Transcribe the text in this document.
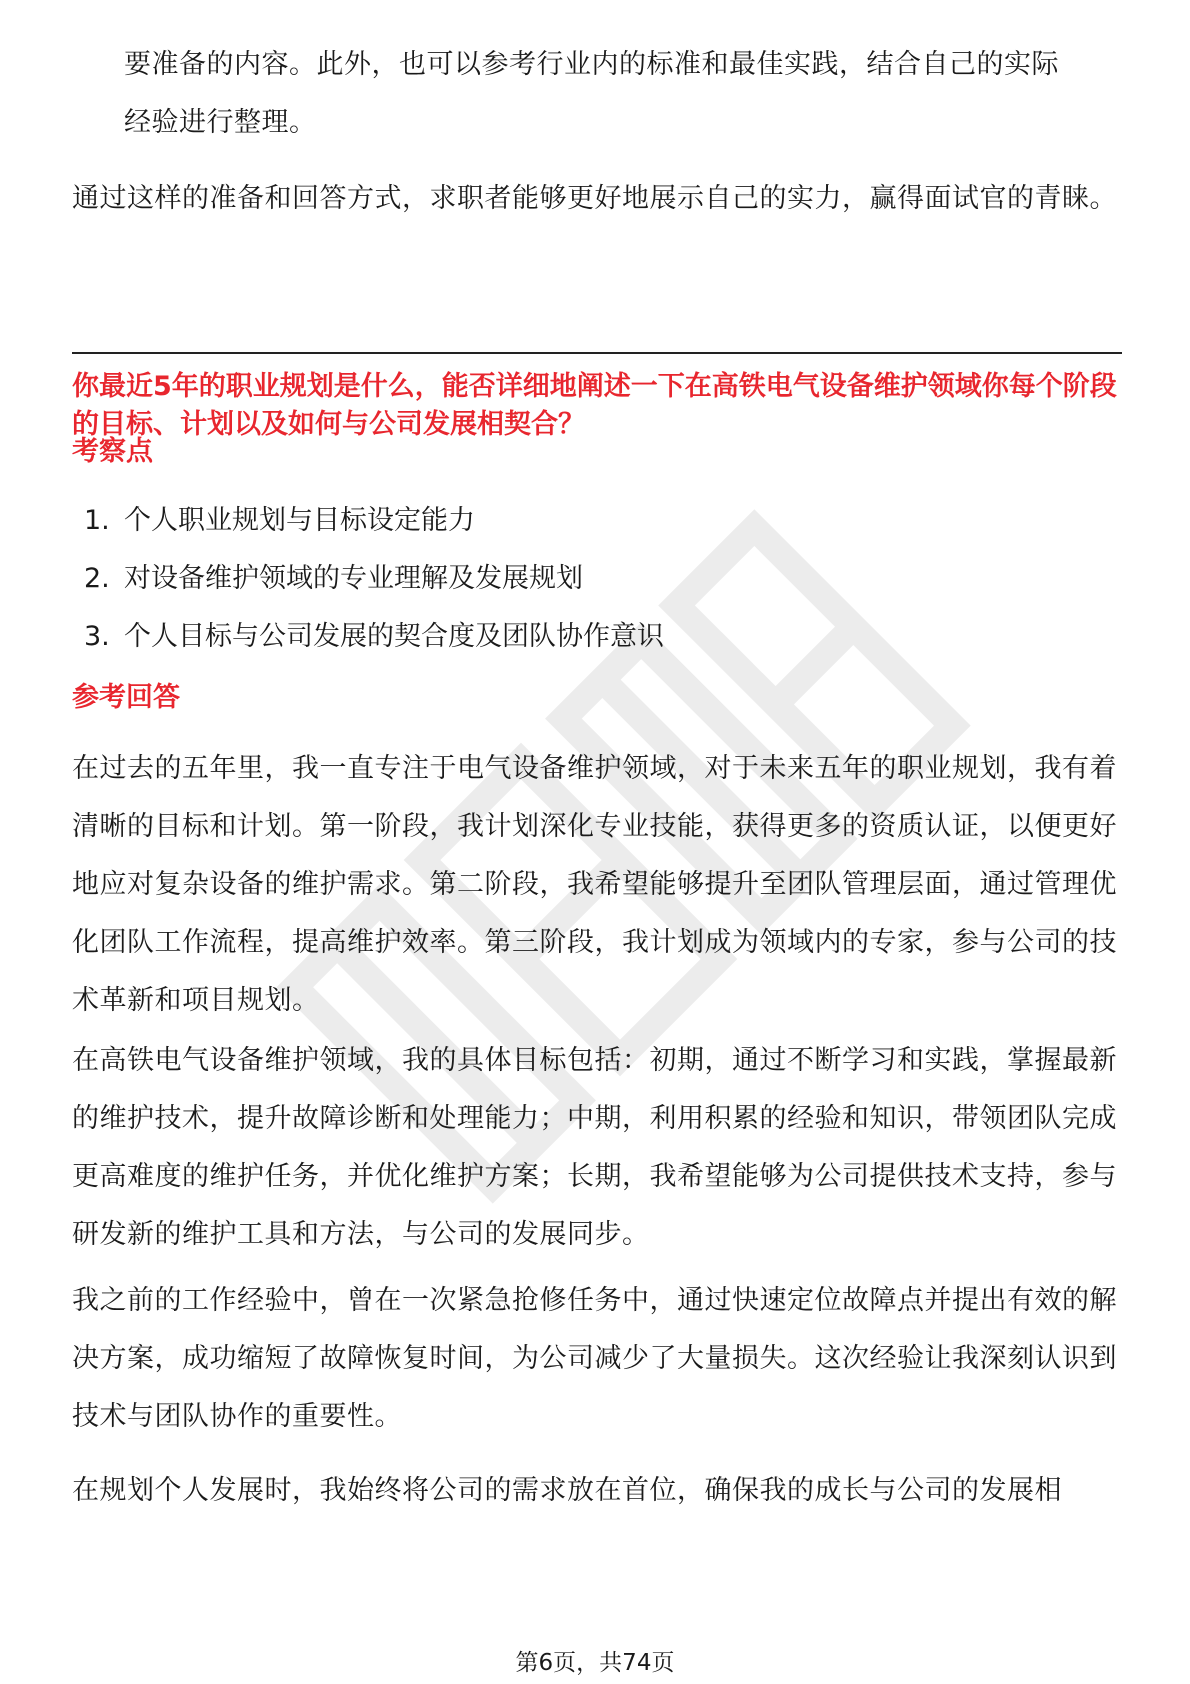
要准备的内容。此外，也可以参考行业内的标准和最佳实践，结合自己的实际
经验进行整理。
通过这样的准备和回答方式，求职者能够更好地展示自己的实力，赢得面试官的青睐。
你最近5年的职业规划是什么，能否详细地阐述一下在高铁电气设备维护领域你每个阶段的目标、计划以及如何与公司发展相契合？
考察点
1. 个人职业规划与目标设定能力
2. 对设备维护领域的专业理解及发展规划
3. 个人目标与公司发展的契合度及团队协作意识
参考回答
在过去的五年里，我一直专注于电气设备维护领域，对于未来五年的职业规划，我有着清晰的目标和计划。第一阶段，我计划深化专业技能，获得更多的资质认证，以便更好地应对复杂设备的维护需求。第二阶段，我希望能够提升至团队管理层面，通过管理优化团队工作流程，提高维护效率。第三阶段，我计划成为领域内的专家，参与公司的技术革新和项目规划。
在高铁电气设备维护领域，我的具体目标包括：初期，通过不断学习和实践，掌握最新的维护技术，提升故障诊断和处理能力；中期，利用积累的经验和知识，带领团队完成更高难度的维护任务，并优化维护方案；长期，我希望能够为公司提供技术支持，参与研发新的维护工具和方法，与公司的发展同步。
我之前的工作经验中，曾在一次紧急抢修任务中，通过快速定位故障点并提出有效的解决方案，成功缩短了故障恢复时间，为公司减少了大量损失。这次经验让我深刻认识到技术与团队协作的重要性。
在规划个人发展时，我始终将公司的需求放在首位，确保我的成长与公司的发展相
第6页，共74页
